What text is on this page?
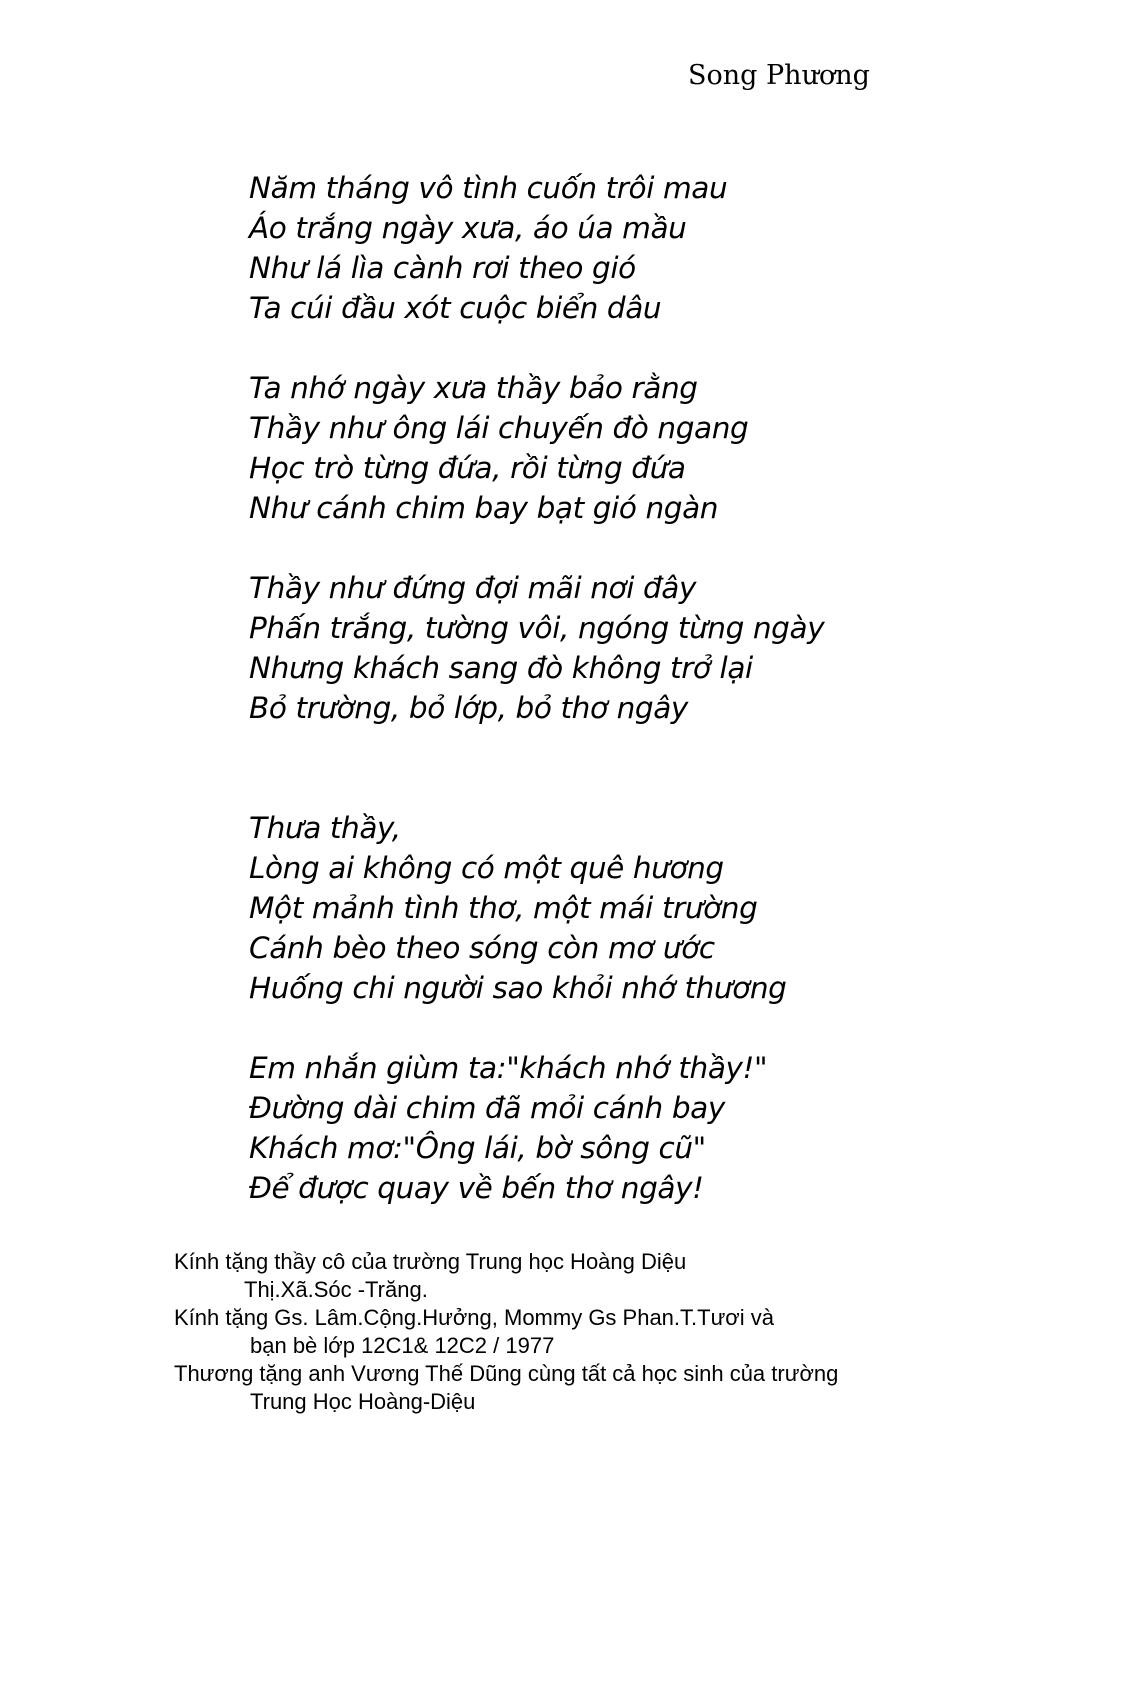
Song Phương
Năm tháng vô tình cuốn trôi mau
Áo trắng ngày xưa, áo úa mầu
Như lá lìa cành rơi theo gió
Ta cúi đầu xót cuộc biển dâu
Ta nhớ ngày xưa thầy bảo rằng
Thầy như ông lái chuyến đò ngang
Học trò từng đứa, rồi từng đứa
Như cánh chim bay bạt gió ngàn
Thầy như đứng đợi mãi nơi đây
Phấn trắng, tường vôi, ngóng từng ngày
Nhưng khách sang đò không trở lại
Bỏ trường, bỏ lớp, bỏ thơ ngây
Thưa thầy,
Lòng ai không có một quê hương
Một mảnh tình thơ, một mái trường
Cánh bèo theo sóng còn mơ ước
Huống chi người sao khỏi nhớ thương
Em nhắn giùm ta:"khách nhớ thầy!"
Đường dài chim đã mỏi cánh bay
Khách mơ:"Ông lái, bờ sông cũ"
Để được quay về bến thơ ngây!
Kính tặng thầy cô của trường Trung học Hoàng Diệu
Thị.Xã.Sóc -Trăng.
Kính tặng Gs. Lâm.Cộng.Hưởng, Mommy Gs Phan.T.Tươi và
bạn bè lớp 12C1& 12C2 / 1977
Thương tặng anh Vương Thế Dũng cùng tất cả học sinh của trường
Trung Học Hoàng-Diệu
